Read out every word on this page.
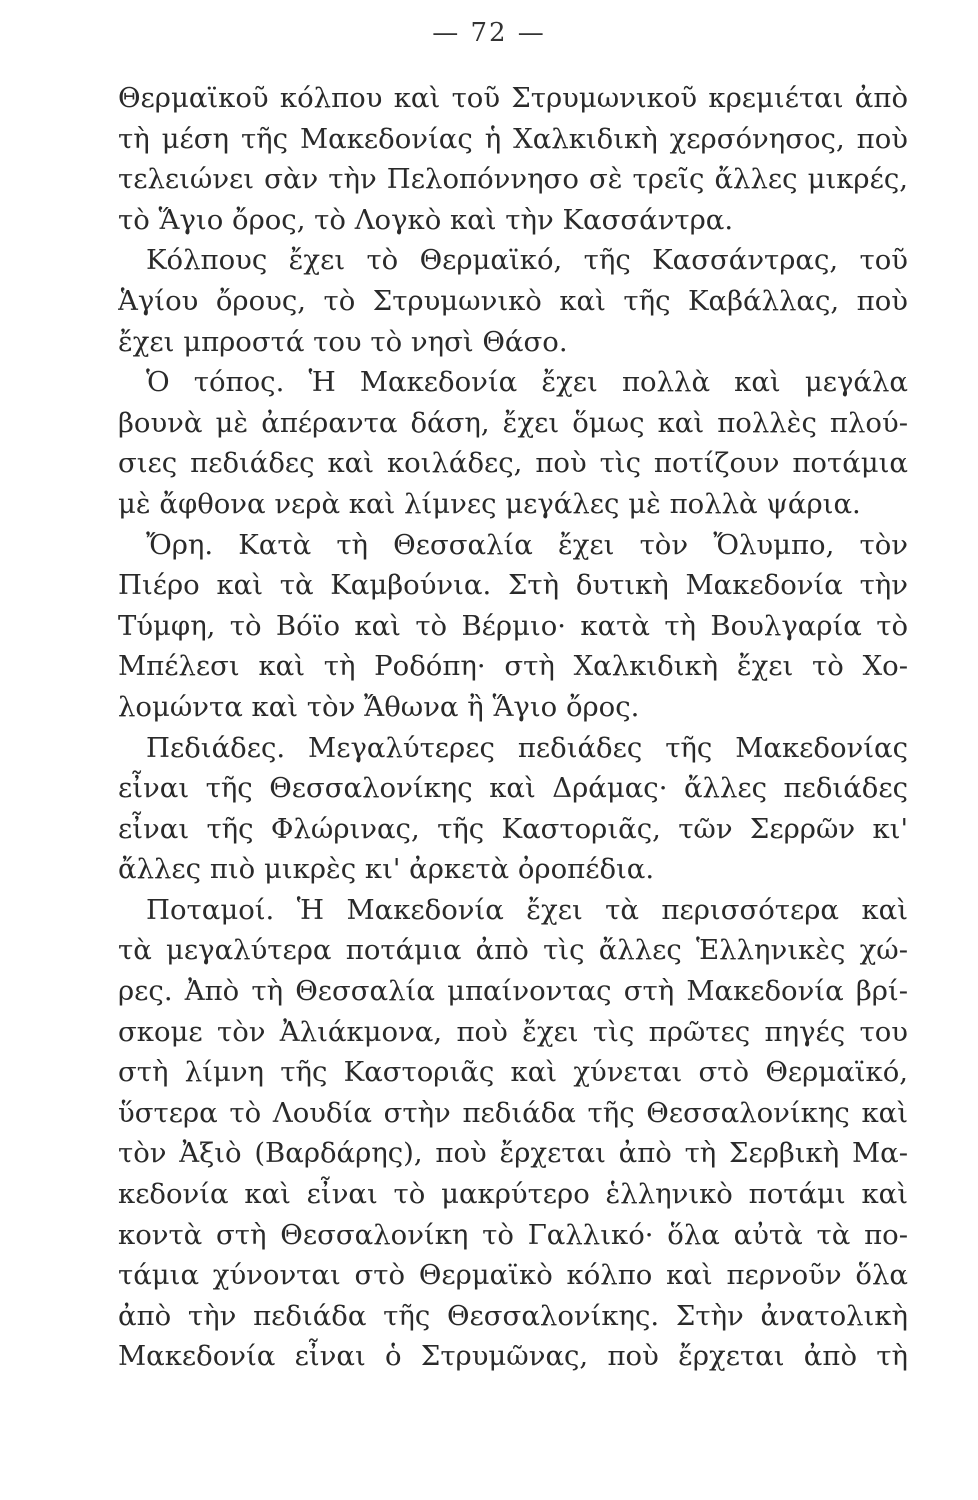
— 72 —
Θερμαϊκοῦ κόλπου καὶ τοῦ Στρυμωνικοῦ κρεμιέται ἀπὸ
τὴ μέση τῆς Μακεδονίας ἡ Χαλκιδικὴ χερσόνησος, ποὺ
τελειώνει σὰν τὴν Πελοπόννησο σὲ τρεῖς ἄλλες μικρές,
τὸ Ἅγιο ὄρος, τὸ Λογκὸ καὶ τὴν Κασσάντρα.
Κόλπους ἔχει τὸ Θερμαϊκό, τῆς Κασσάντρας, τοῦ
Ἁγίου ὄρους, τὸ Στρυμωνικὸ καὶ τῆς Καβάλλας, ποὺ
ἔχει μπροστά του τὸ νησὶ Θάσο.
Ὁ τόπος. Ἡ Μακεδονία ἔχει πολλὰ καὶ μεγάλα
βουνὰ μὲ ἀπέραντα δάση, ἔχει ὅμως καὶ πολλὲς πλού-
σιες πεδιάδες καὶ κοιλάδες, ποὺ τὶς ποτίζουν ποτάμια
μὲ ἄφθονα νερὰ καὶ λίμνες μεγάλες μὲ πολλὰ ψάρια.
Ὄρη. Κατὰ τὴ Θεσσαλία ἔχει τὸν Ὄλυμπο, τὸν
Πιέρο καὶ τὰ Καμβούνια. Στὴ δυτικὴ Μακεδονία τὴν
Τύμφη, τὸ Βόϊο καὶ τὸ Βέρμιο· κατὰ τὴ Βουλγαρία τὸ
Μπέλεσι καὶ τὴ Ροδόπη· στὴ Χαλκιδικὴ ἔχει τὸ Χο-
λομώντα καὶ τὸν Ἄθωνα ἢ Ἅγιο ὄρος.
Πεδιάδες. Μεγαλύτερες πεδιάδες τῆς Μακεδονίας
εἶναι τῆς Θεσσαλονίκης καὶ Δράμας· ἄλλες πεδιάδες
εἶναι τῆς Φλώρινας, τῆς Καστοριᾶς, τῶν Σερρῶν κι'
ἄλλες πιὸ μικρὲς κι' ἀρκετὰ ὀροπέδια.
Ποταμοί. Ἡ Μακεδονία ἔχει τὰ περισσότερα καὶ
τὰ μεγαλύτερα ποτάμια ἀπὸ τὶς ἄλλες Ἑλληνικὲς χώ-
ρες. Ἀπὸ τὴ Θεσσαλία μπαίνοντας στὴ Μακεδονία βρί-
σκομε τὸν Ἀλιάκμονα, ποὺ ἔχει τὶς πρῶτες πηγές του
στὴ λίμνη τῆς Καστοριᾶς καὶ χύνεται στὸ Θερμαϊκό,
ὕστερα τὸ Λουδία στὴν πεδιάδα τῆς Θεσσαλονίκης καὶ
τὸν Ἀξιὸ (Βαρδάρης), ποὺ ἔρχεται ἀπὸ τὴ Σερβικὴ Μα-
κεδονία καὶ εἶναι τὸ μακρύτερο ἑλληνικὸ ποτάμι καὶ
κοντὰ στὴ Θεσσαλονίκη τὸ Γαλλικό· ὅλα αὐτὰ τὰ πο-
τάμια χύνονται στὸ Θερμαϊκὸ κόλπο καὶ περνοῦν ὅλα
ἀπὸ τὴν πεδιάδα τῆς Θεσσαλονίκης. Στὴν ἀνατολικὴ
Μακεδονία εἶναι ὁ Στρυμῶνας, ποὺ ἔρχεται ἀπὸ τὴ
